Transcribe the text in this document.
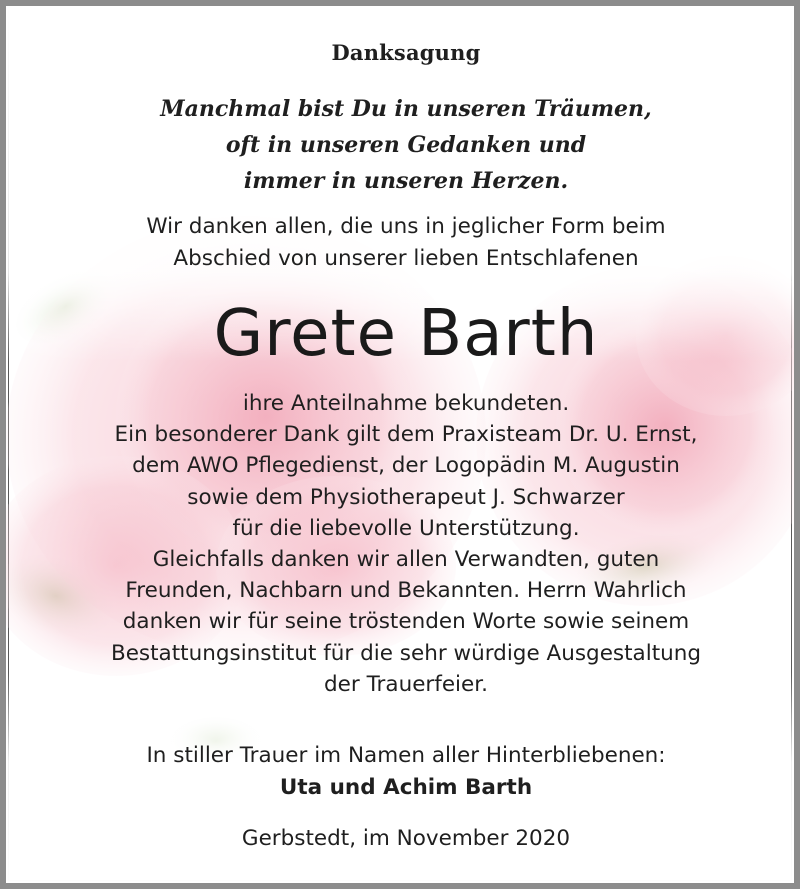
Danksagung
Manchmal bist Du in unseren Träumen,
oft in unseren Gedanken und
immer in unseren Herzen.
Wir danken allen, die uns in jeglicher Form beim
Abschied von unserer lieben Entschlafenen
Grete Barth
ihre Anteilnahme bekundeten.
Ein besonderer Dank gilt dem Praxisteam Dr. U. Ernst,
dem AWO Pflegedienst, der Logopädin M. Augustin
sowie dem Physiotherapeut J. Schwarzer
für die liebevolle Unterstützung.
Gleichfalls danken wir allen Verwandten, guten
Freunden, Nachbarn und Bekannten. Herrn Wahrlich
danken wir für seine tröstenden Worte sowie seinem
Bestattungsinstitut für die sehr würdige Ausgestaltung
der Trauerfeier.
In stiller Trauer im Namen aller Hinterbliebenen:
Uta und Achim Barth
Gerbstedt, im November 2020
